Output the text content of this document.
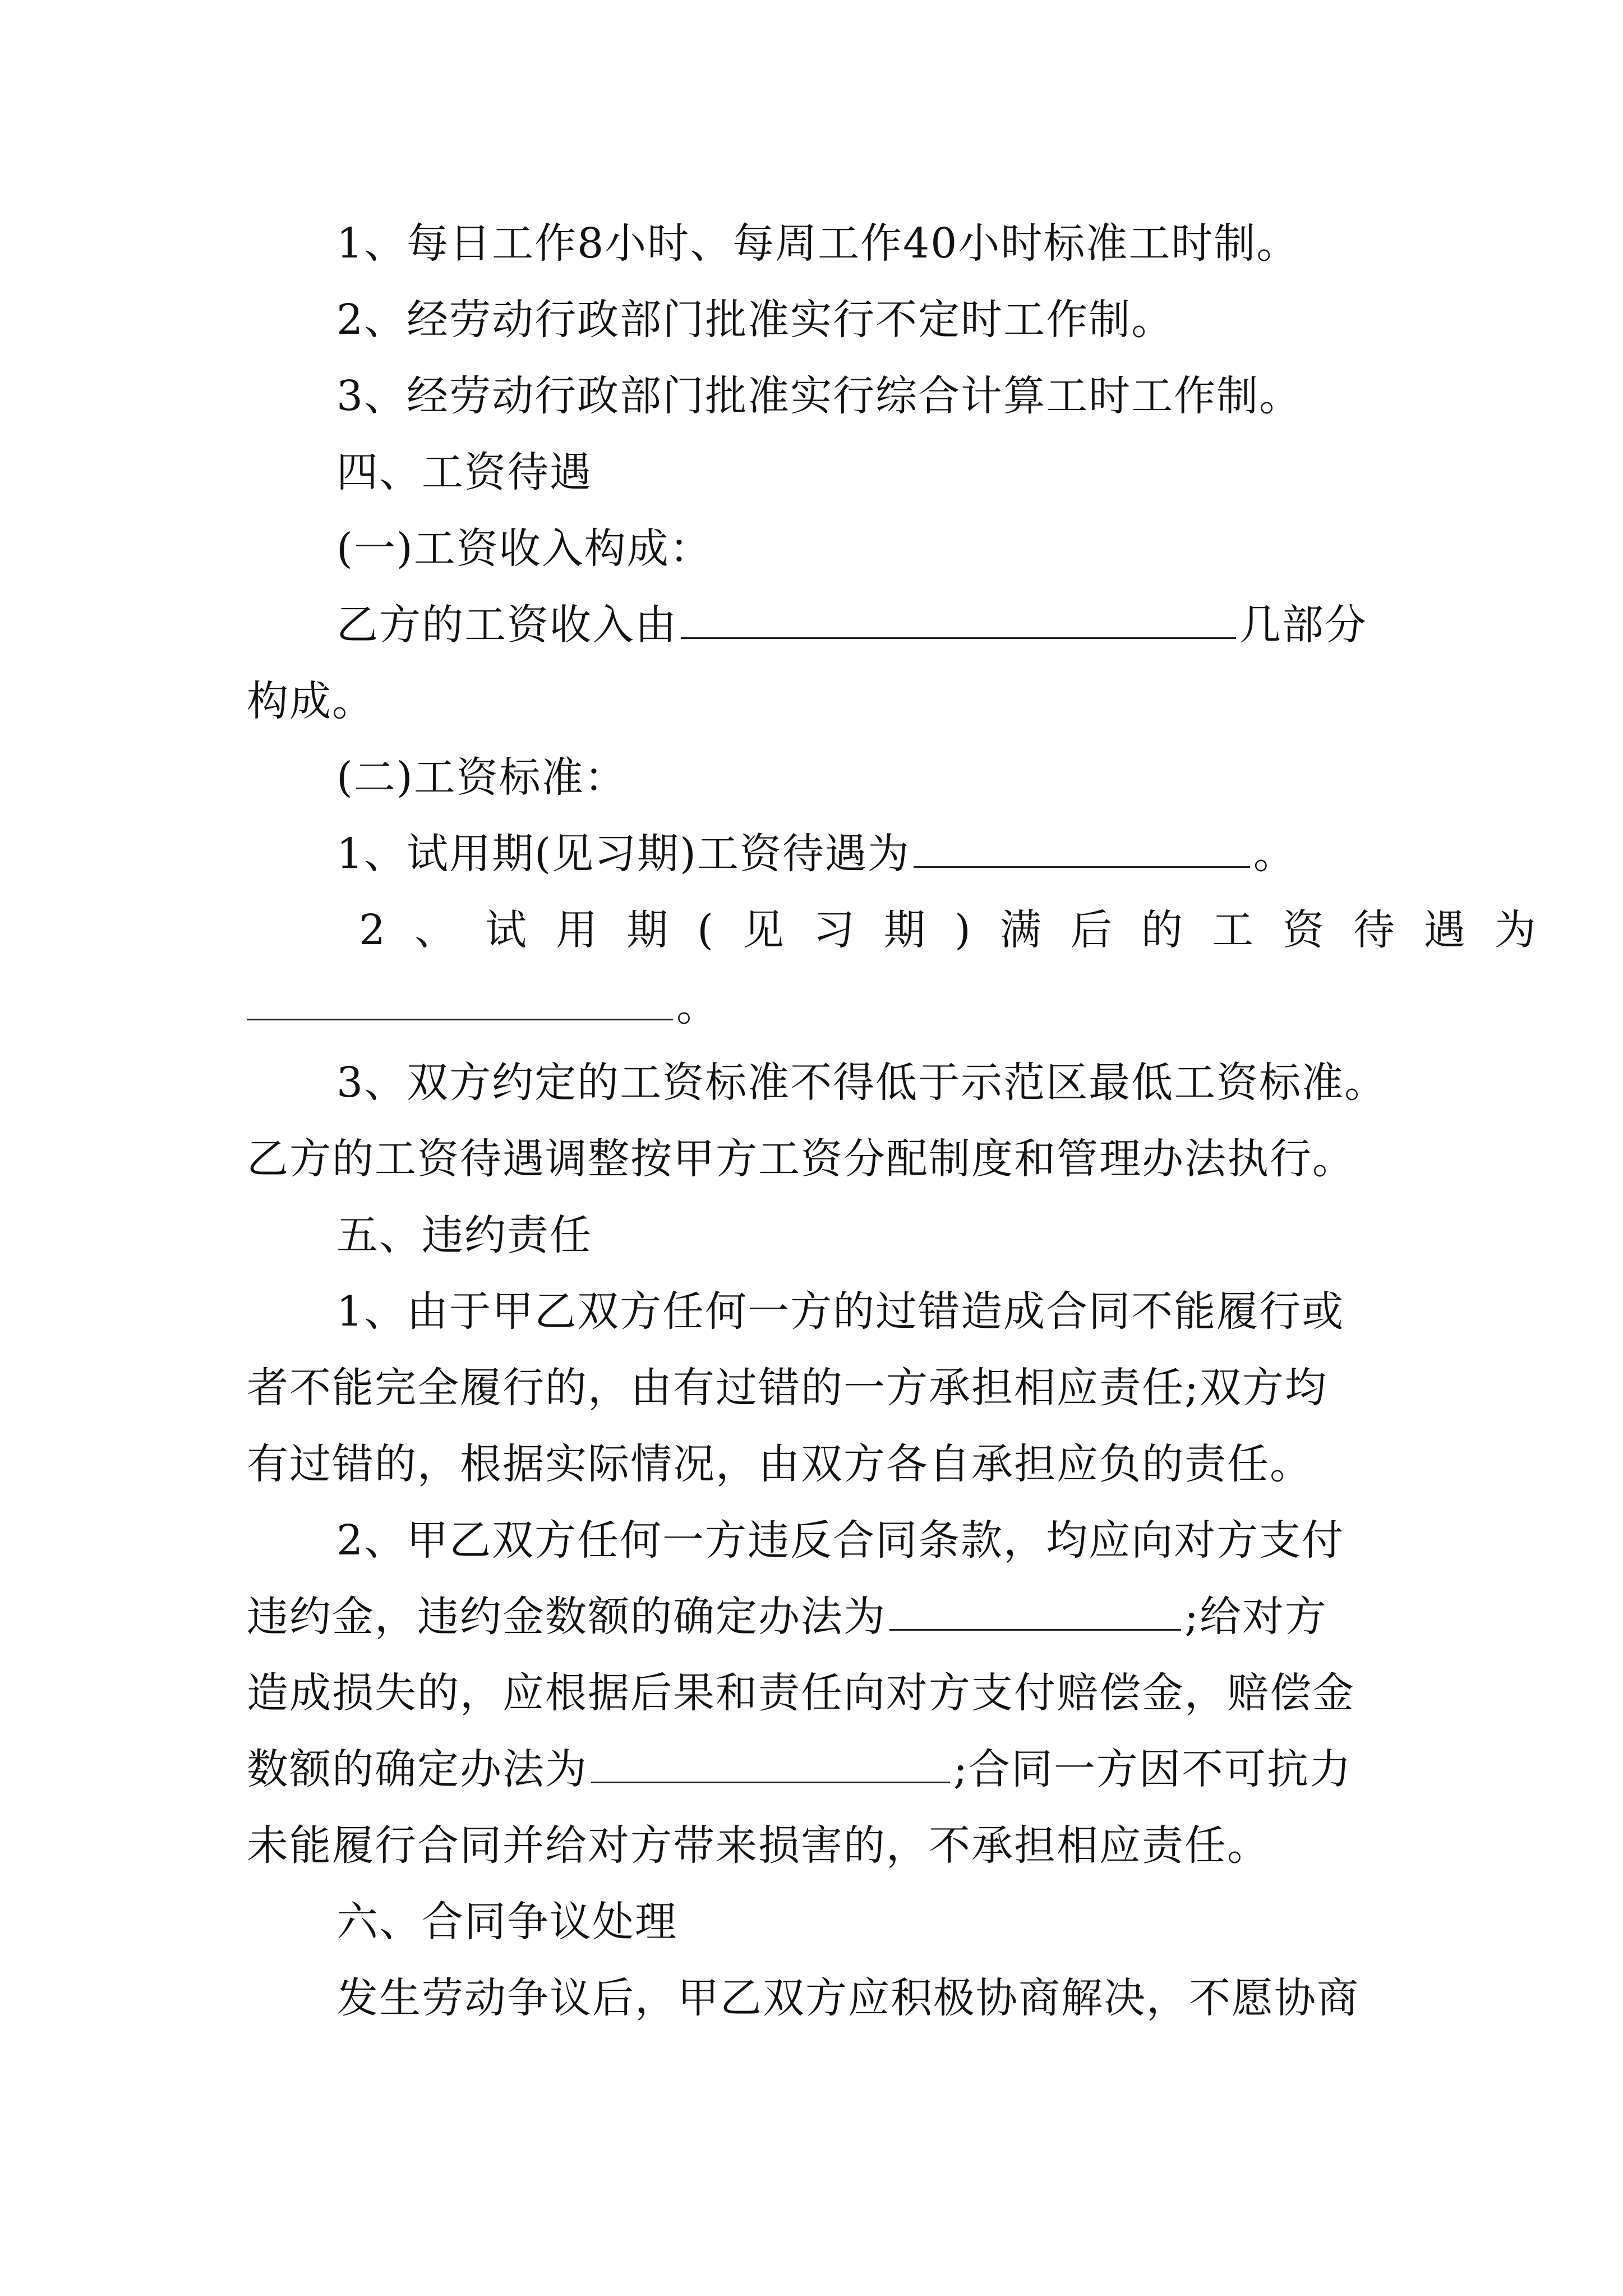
1、每日工作8小时、每周工作40小时标准工时制。
2、经劳动行政部门批准实行不定时工作制。
3、经劳动行政部门批准实行综合计算工时工作制。
四、工资待遇
(一)工资收入构成：
乙方的工资收入由	几部分
构成。
(二)工资标准：
1、试用期(见习期)工资待遇为	。
2、试用期(见习期)满后的工资待遇为
。
3、双方约定的工资标准不得低于示范区最低工资标准。
乙方的工资待遇调整按甲方工资分配制度和管理办法执行。
五、违约责任
1、由于甲乙双方任何一方的过错造成合同不能履行或
者不能完全履行的，由有过错的一方承担相应责任;双方均
有过错的，根据实际情况，由双方各自承担应负的责任。
2、甲乙双方任何一方违反合同条款，均应向对方支付
违约金，违约金数额的确定办法为	;给对方
造成损失的，应根据后果和责任向对方支付赔偿金，赔偿金
数额的确定办法为	;合同一方因不可抗力
未能履行合同并给对方带来损害的，不承担相应责任。
六、合同争议处理
发生劳动争议后，甲乙双方应积极协商解决，不愿协商
